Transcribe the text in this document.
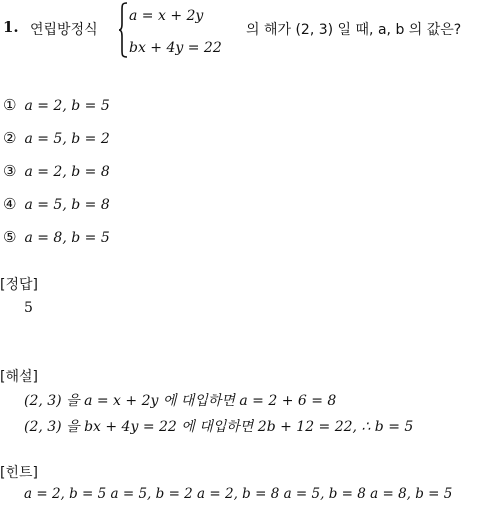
1. 연립방정식
a = x + 2y
bx + 4y = 22
의 해가 (2, 3) 일 때, a, b 의 값은?
① a = 2, b = 5
② a = 5, b = 2
③ a = 2, b = 8
④ a = 5, b = 8
⑤ a = 8, b = 5
[정답]
5
[해설]
(2, 3) 을 a = x + 2y 에 대입하면 a = 2 + 6 = 8
(2, 3) 을 bx + 4y = 22 에 대입하면 2b + 12 = 22, ∴ b = 5
[힌트]
a = 2, b = 5 a = 5, b = 2 a = 2, b = 8 a = 5, b = 8 a = 8, b = 5
